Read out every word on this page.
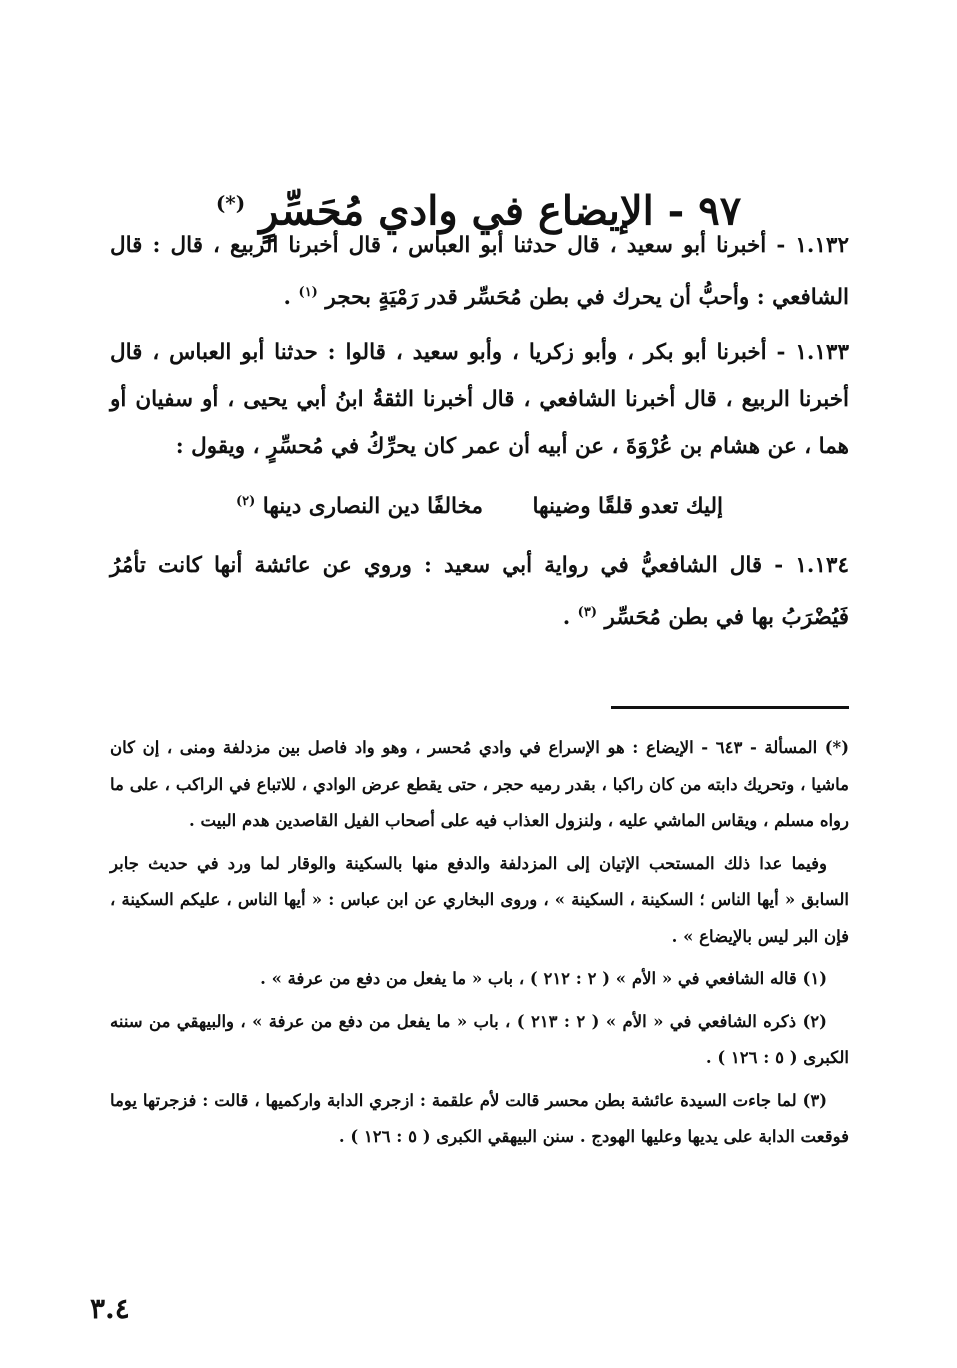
٩٧ - الإيضاع في وادي مُحَسِّرٍ (*)

١.١٣٢ - أخبرنا أبو سعيد ، قال حدثنا أبو العباس ، قال أخبرنا الربيع ، قال : قال الشافعي : وأحبُّ أن يحرك في بطن مُحَسِّر قدر رَمْيَةٍ بحجر $^{(١)}$ .

١.١٣٣ - أخبرنا أبو بكر ، وأبو زكريا ، وأبو سعيد ، قالوا : حدثنا أبو العباس ، قال أخبرنا الربيع ، قال أخبرنا الشافعي ، قال أخبرنا الثقةُ ابنُ أبي يحيى ، أو سفيان أو هما ، عن هشام بن عُرْوَةَ ، عن أبيه أن عمر كان يحرِّكُ في مُحسِّرٍ ، ويقول :

إليك تعدو قلقًا وضينها مخالفًا دين النصارى دينها $^{(٢)}$

١.١٣٤ - قال الشافعيُّ في رواية أبي سعيد : وروي عن عائشة أنها كانت تأمُرُ فَيُضْرَبُ بها في بطن مُحَسِّر $^{(٣)}$ .

(*) المسألة - ٦٤٣ - الإيضاع : هو الإسراع في وادي مُحسر ، وهو واد فاصل بين مزدلفة ومنى ، إن كان ماشيا ، وتحريك دابته من كان راكبا ، بقدر رميه حجر ، حتى يقطع عرض الوادي ، للاتباع في الراكب ، على ما رواه مسلم ، ويقاس الماشي عليه ، ولنزول العذاب فيه على أصحاب الفيل القاصدين هدم البيت .

وفيما عدا ذلك المستحب الإتيان إلى المزدلفة والدفع منها بالسكينة والوقار لما ورد في حديث جابر السابق « أيها الناس ؛ السكينة ، السكينة » ، وروى البخاري عن ابن عباس : « أيها الناس ، عليكم السكينة ، فإن البر ليس بالإيضاع » .

(١) قاله الشافعي في « الأم » ( ٢ : ٢١٢ ) ، باب « ما يفعل من دفع من عرفة » .

(٢) ذكره الشافعي في « الأم » ( ٢ : ٢١٣ ) ، باب « ما يفعل من دفع من عرفة » ، والبيهقي من سننه الكبرى ( ٥ : ١٢٦ ) .

(٣) لما جاءت السيدة عائشة بطن محسر قالت لأم علقمة : ازجري الدابة واركميها ، قالت : فزجرتها يوما فوقعت الدابة على يديها وعليها الهودج . سنن البيهقي الكبرى ( ٥ : ١٢٦ ) .

٣.٤
